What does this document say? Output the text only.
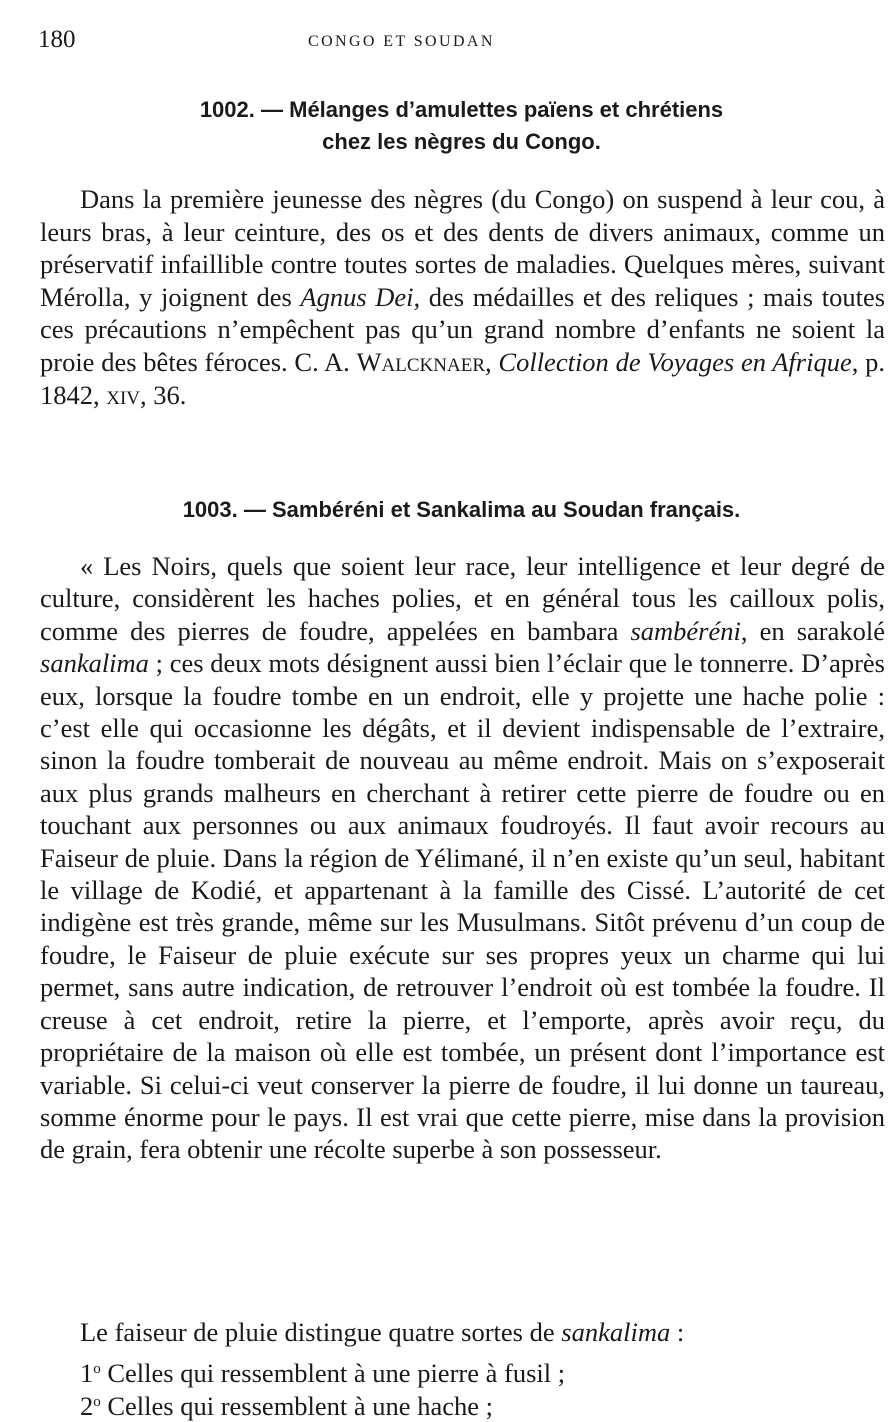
180	CONGO ET SOUDAN
1002. — Mélanges d’amulettes païens et chrétiens
chez les nègres du Congo.
Dans la première jeunesse des nègres (du Congo) on suspend à leur cou, à leurs bras, à leur ceinture, des os et des dents de divers animaux, comme un préservatif infaillible contre toutes sortes de maladies. Quelques mères, suivant Mérolla, y joignent des Agnus Dei, des médailles et des reliques ; mais toutes ces précautions n’empêchent pas qu’un grand nombre d’enfants ne soient la proie des bêtes féroces. C. A. Walcknaer, Collection de Voyages en Afrique, p. 1842, xiv, 36.
1003. — Sambéréni et Sankalima au Soudan français.
« Les Noirs, quels que soient leur race, leur intelligence et leur degré de culture, considèrent les haches polies, et en général tous les cailloux polis, comme des pierres de foudre, appelées en bambara sambéréni, en sarakolé sankalima ; ces deux mots désignent aussi bien l’éclair que le tonnerre. D’après eux, lorsque la foudre tombe en un endroit, elle y projette une hache polie : c’est elle qui occasionne les dégâts, et il devient indispensable de l’extraire, sinon la foudre tomberait de nouveau au même endroit. Mais on s’exposerait aux plus grands malheurs en cherchant à retirer cette pierre de foudre ou en touchant aux personnes ou aux animaux foudroyés. Il faut avoir recours au Faiseur de pluie. Dans la région de Yélimané, il n’en existe qu’un seul, habitant le village de Kodié, et appartenant à la famille des Cissé. L’autorité de cet indigène est très grande, même sur les Musulmans. Sitôt prévenu d’un coup de foudre, le Faiseur de pluie exécute sur ses propres yeux un charme qui lui permet, sans autre indication, de retrouver l’endroit où est tombée la foudre. Il creuse à cet endroit, retire la pierre, et l’emporte, après avoir reçu, du propriétaire de la maison où elle est tombée, un présent dont l’importance est variable. Si celui-ci veut conserver la pierre de foudre, il lui donne un taureau, somme énorme pour le pays. Il est vrai que cette pierre, mise dans la provision de grain, fera obtenir une récolte superbe à son possesseur.
Le faiseur de pluie distingue quatre sortes de sankalima :
1$^o$ Celles qui ressemblent à une pierre à fusil ;
2$^o$ Celles qui ressemblent à une hache ;
